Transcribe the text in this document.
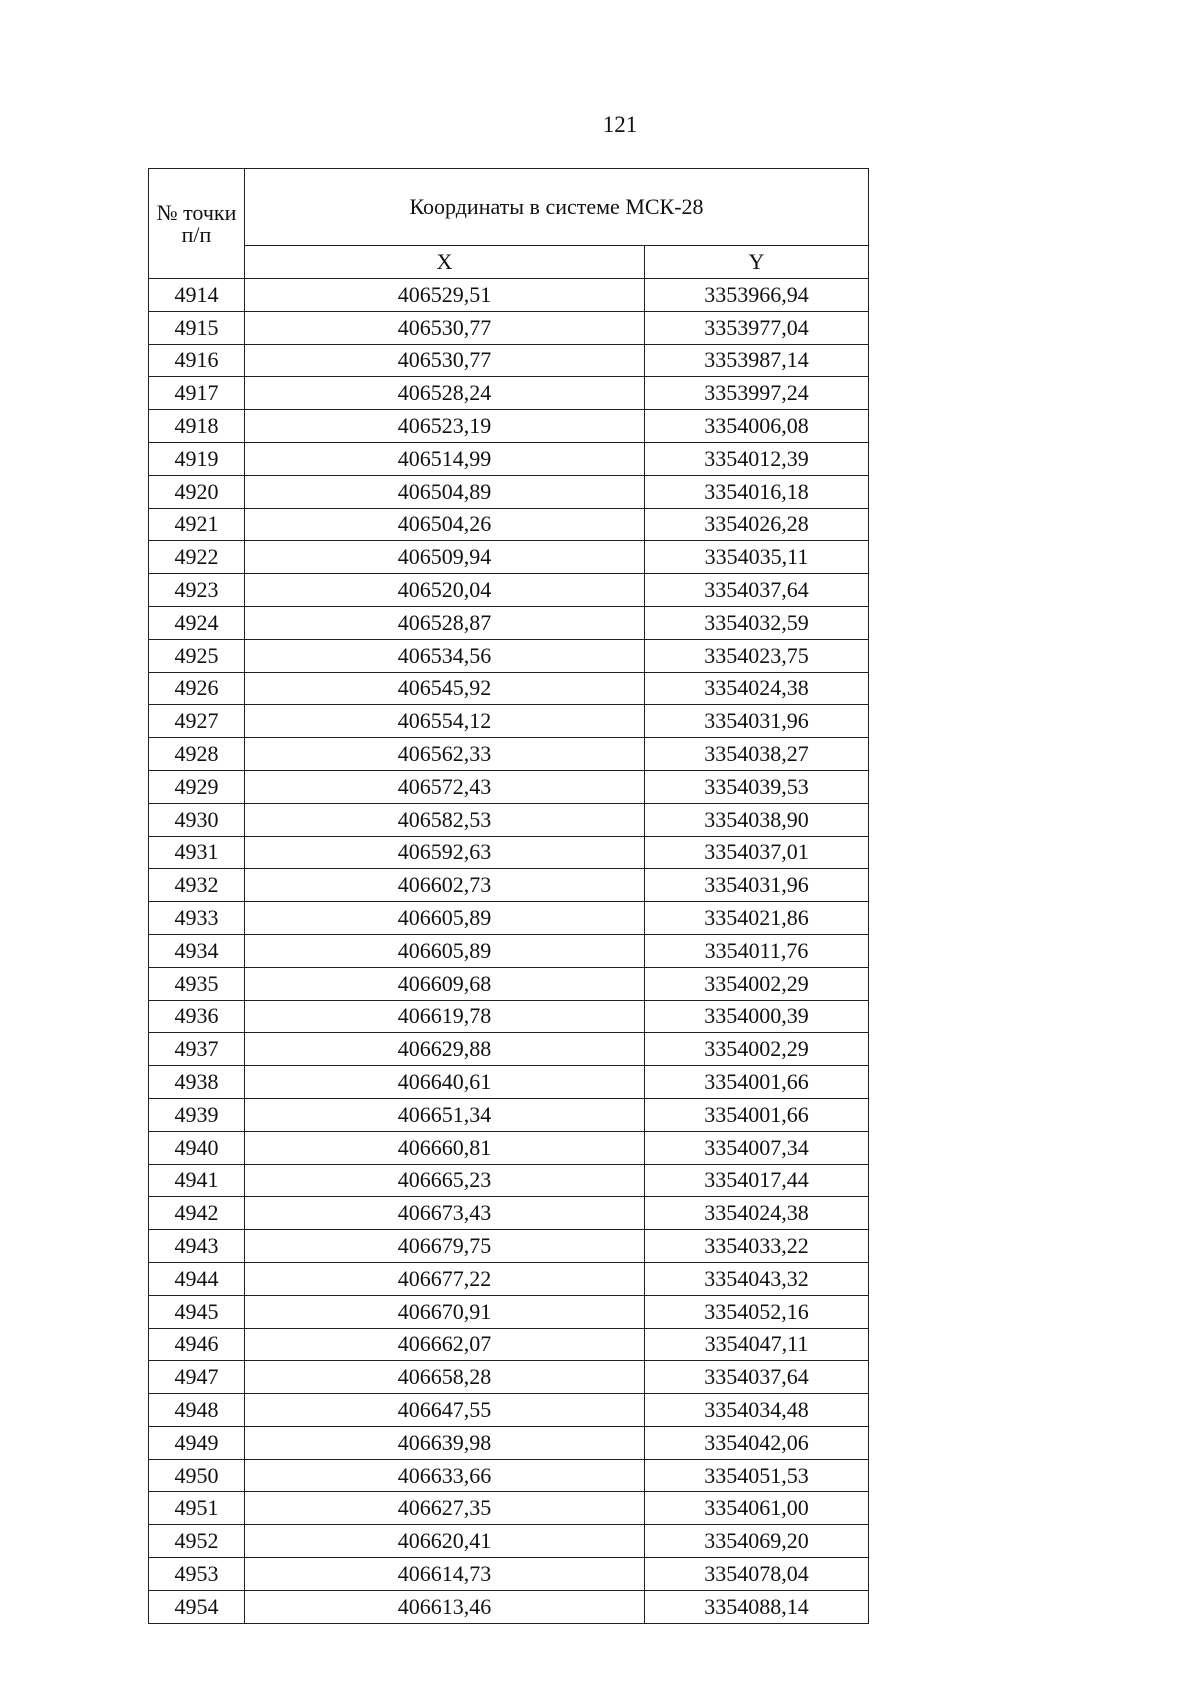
121
№ точки п/п	Координаты в системе МСК-28	
	X	Y
4914	406529,51	3353966,94
4915	406530,77	3353977,04
4916	406530,77	3353987,14
4917	406528,24	3353997,24
4918	406523,19	3354006,08
4919	406514,99	3354012,39
4920	406504,89	3354016,18
4921	406504,26	3354026,28
4922	406509,94	3354035,11
4923	406520,04	3354037,64
4924	406528,87	3354032,59
4925	406534,56	3354023,75
4926	406545,92	3354024,38
4927	406554,12	3354031,96
4928	406562,33	3354038,27
4929	406572,43	3354039,53
4930	406582,53	3354038,90
4931	406592,63	3354037,01
4932	406602,73	3354031,96
4933	406605,89	3354021,86
4934	406605,89	3354011,76
4935	406609,68	3354002,29
4936	406619,78	3354000,39
4937	406629,88	3354002,29
4938	406640,61	3354001,66
4939	406651,34	3354001,66
4940	406660,81	3354007,34
4941	406665,23	3354017,44
4942	406673,43	3354024,38
4943	406679,75	3354033,22
4944	406677,22	3354043,32
4945	406670,91	3354052,16
4946	406662,07	3354047,11
4947	406658,28	3354037,64
4948	406647,55	3354034,48
4949	406639,98	3354042,06
4950	406633,66	3354051,53
4951	406627,35	3354061,00
4952	406620,41	3354069,20
4953	406614,73	3354078,04
4954	406613,46	3354088,14
